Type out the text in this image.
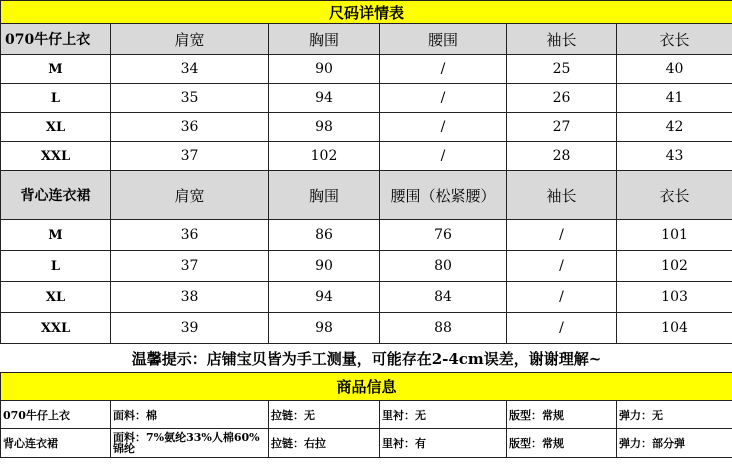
尺码详情表					
070牛仔上衣	肩宽	胸围	腰围	袖长	衣长
M	34	90	/	25	40
L	35	94	/	26	41
XL	36	98	/	27	42
XXL	37	102	/	28	43
背心连衣裙	肩宽	胸围	腰围（松紧腰）	袖长	衣长
M	36	86	76	/	101
L	37	90	80	/	102
XL	38	94	84	/	103
XXL	39	98	88	/	104
温馨提示：店铺宝贝皆为手工测量，可能存在2-4cm误差，谢谢理解~					
商品信息					
070牛仔上衣	面料：棉	拉链：无	里衬：无	版型：常规	弹力：无
背心连衣裙	面料：7%氨纶33%人棉60%锦纶	拉链：右拉	里衬：有	版型：常规	弹力：部分弹
